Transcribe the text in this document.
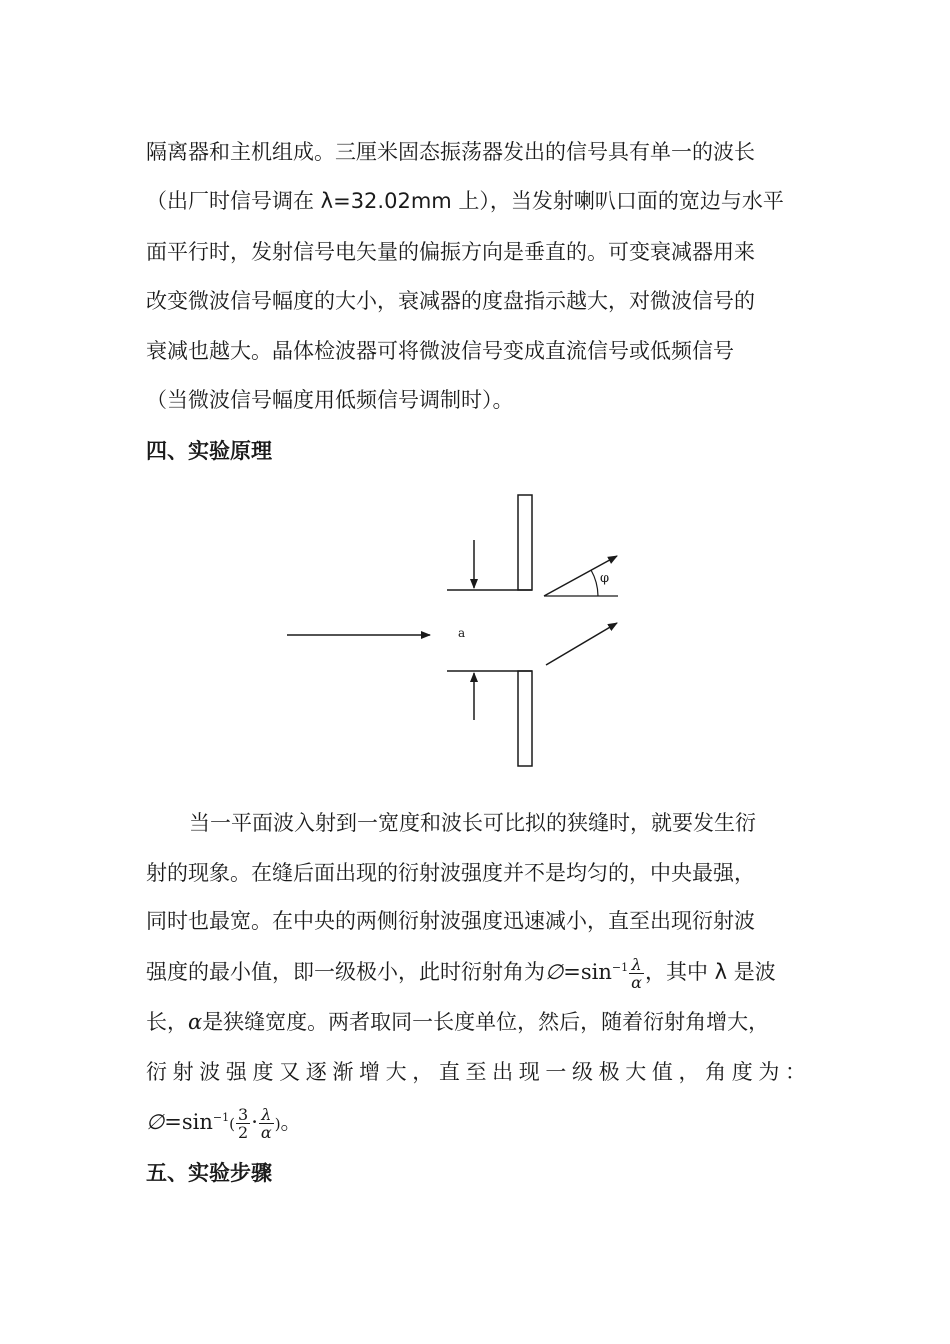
隔离器和主机组成。三厘米固态振荡器发出的信号具有单一的波长
（出厂时信号调在 λ=32.02mm 上），当发射喇叭口面的宽边与水平
面平行时，发射信号电矢量的偏振方向是垂直的。可变衰减器用来
改变微波信号幅度的大小，衰减器的度盘指示越大，对微波信号的
衰减也越大。晶体检波器可将微波信号变成直流信号或低频信号
（当微波信号幅度用低频信号调制时）。
四、实验原理
a
φ
当一平面波入射到一宽度和波长可比拟的狭缝时，就要发生衍
射的现象。在缝后面出现的衍射波强度并不是均匀的，中央最强，
同时也最宽。在中央的两侧衍射波强度迅速减小，直至出现衍射波
强度的最小值，即一级极小，此时衍射角为$\emptyset=\sin^{-1} \frac{\lambda}{\alpha}$ ，其中 λ 是波
长，α是狭缝宽度。两者取同一长度单位，然后，随着衍射角增大，
衍射波强度又逐渐增大，直至出现一级极大值，角度为：
$\emptyset=\sin^{-1}( \frac{3}{2} \cdot \frac{\lambda}{\alpha}$ )。
五、实验步骤
